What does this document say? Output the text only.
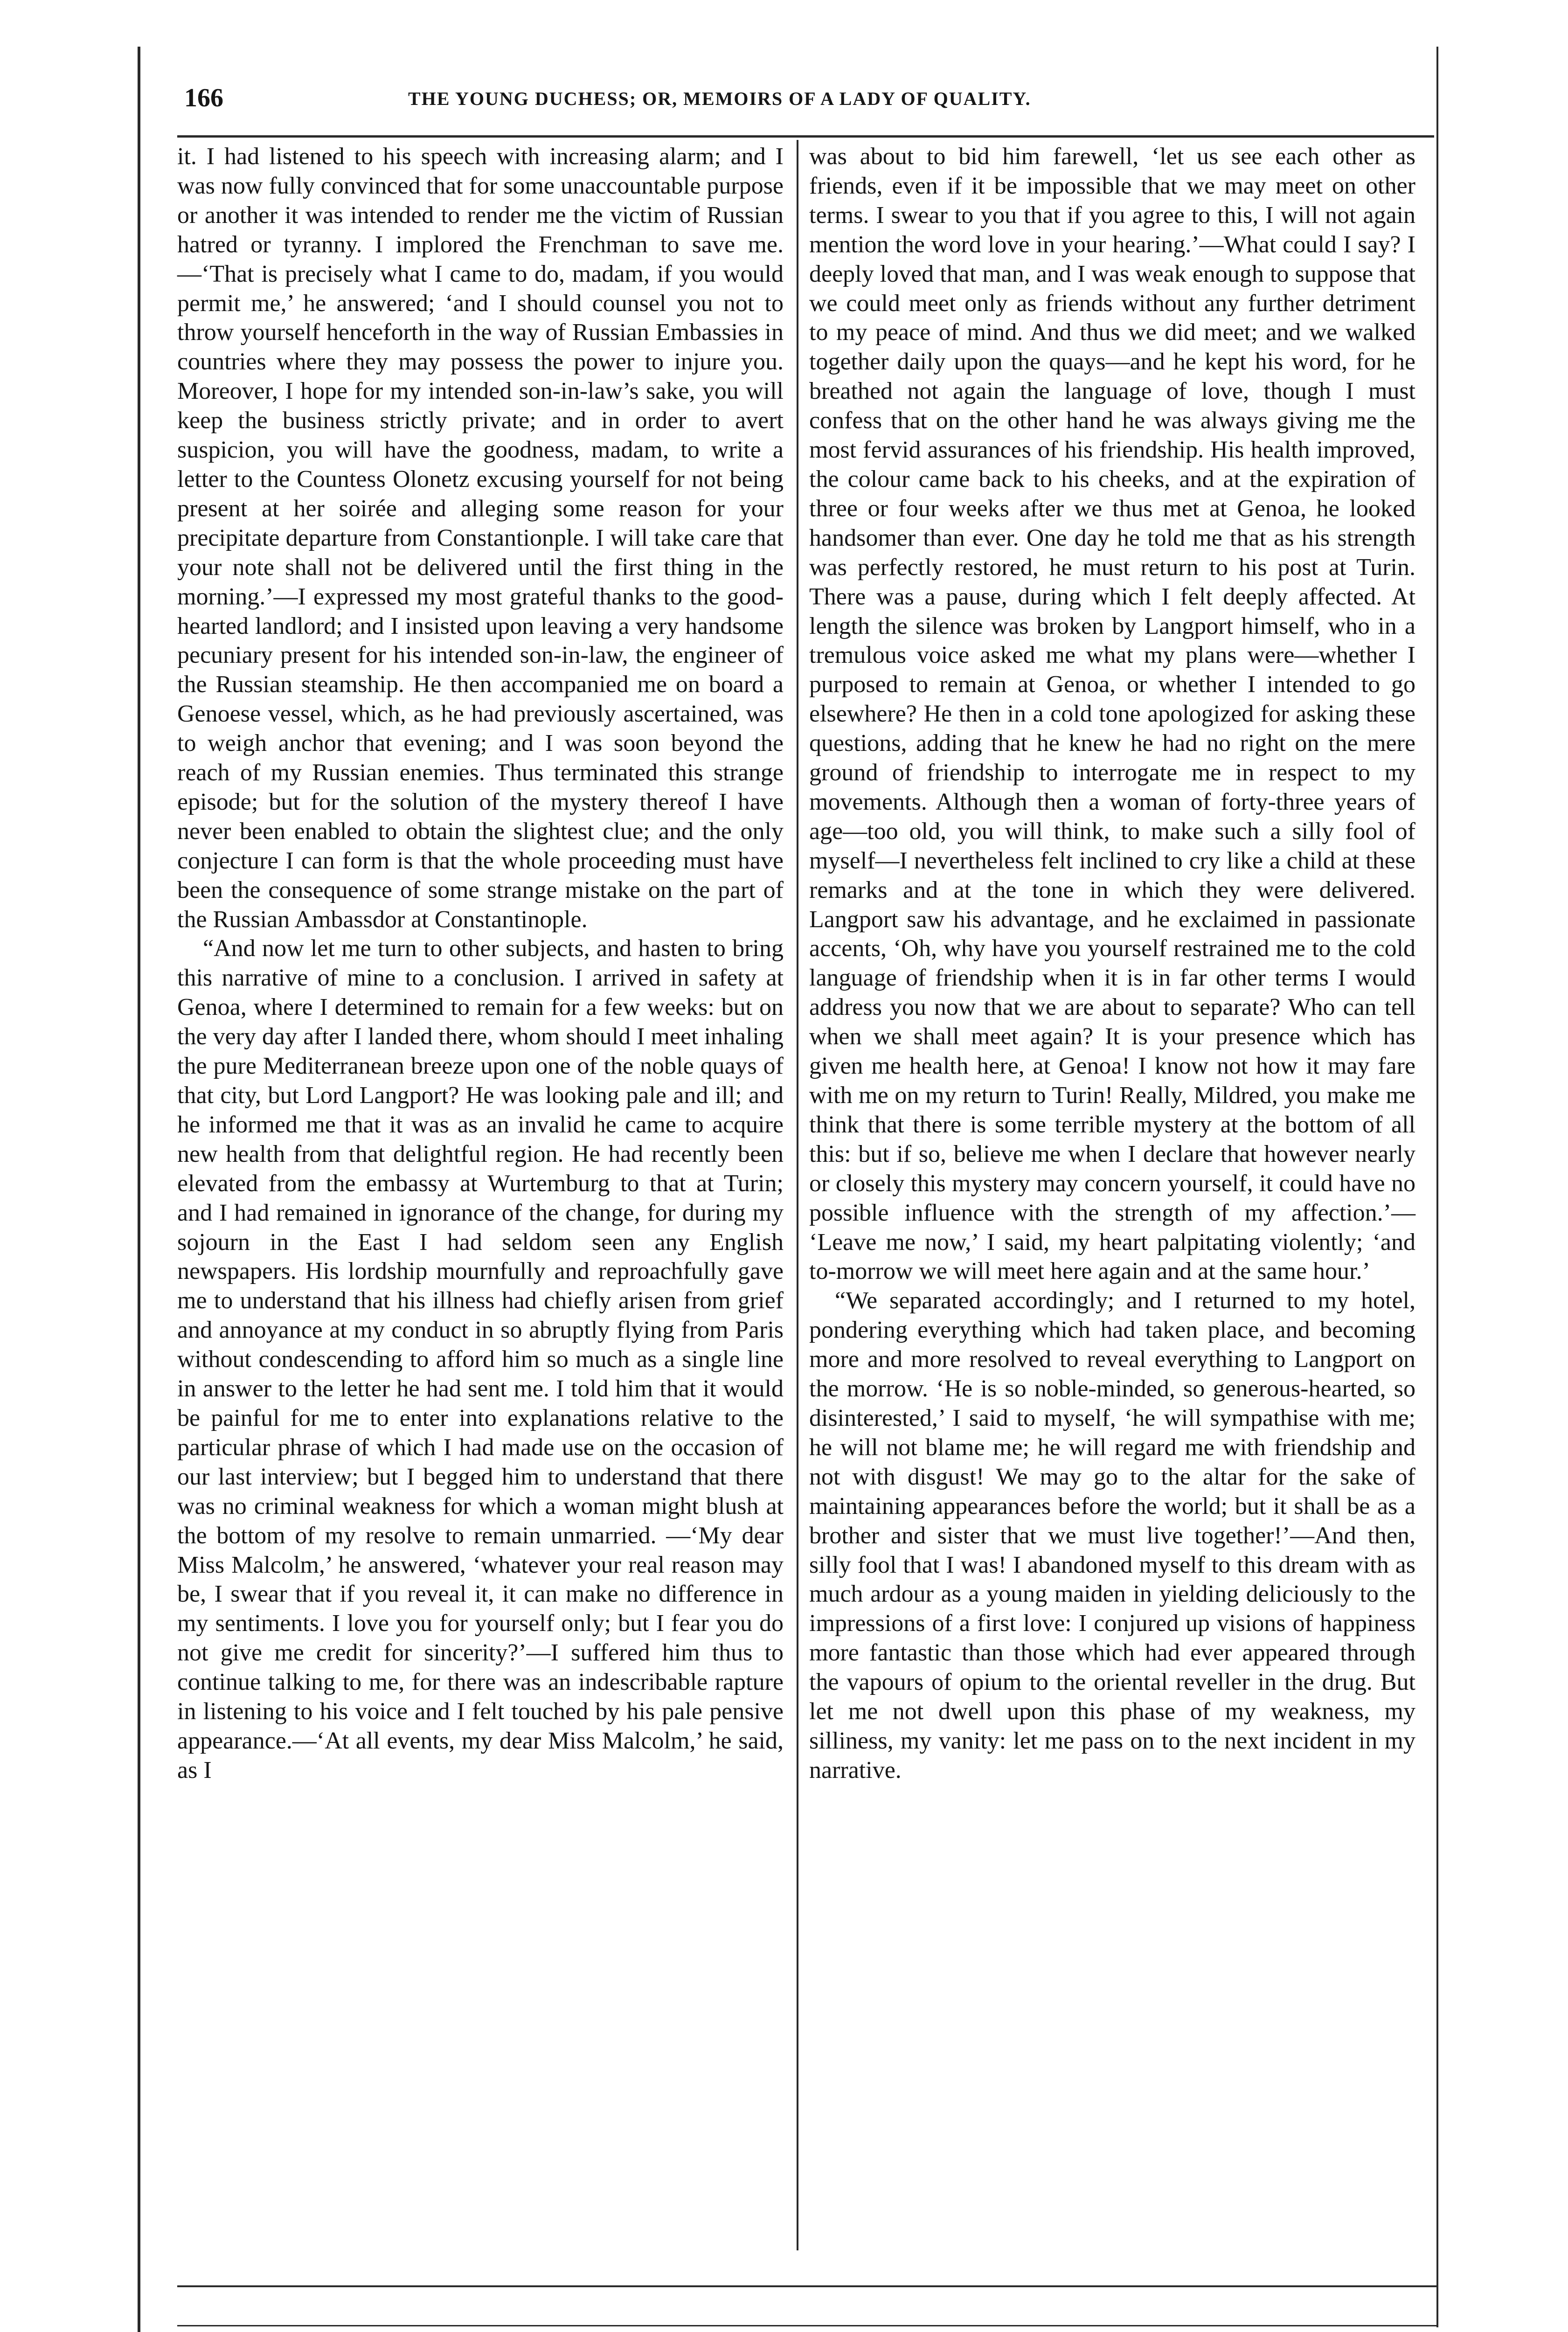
166	THE YOUNG DUCHESS; OR, MEMOIRS OF A LADY OF QUALITY.

it. I had listened to his speech with increasing alarm; and I was now fully convinced that for some unaccountable purpose or another it was intended to render me the victim of Russian hatred or tyranny. I implored the Frenchman to save me.—‘That is precisely what I came to do, madam, if you would permit me,’ he answered; ‘and I should counsel you not to throw yourself henceforth in the way of Russian Embassies in countries where they may possess the power to injure you. Moreover, I hope for my intended son-in-law’s sake, you will keep the business strictly private; and in order to avert suspicion, you will have the goodness, madam, to write a letter to the Countess Olonetz excusing yourself for not being present at her soirée and alleging some reason for your precipitate departure from Constantionple. I will take care that your note shall not be delivered until the first thing in the morning.’—I expressed my most grateful thanks to the good-hearted landlord; and I insisted upon leaving a very handsome pecuniary present for his intended son-in-law, the engineer of the Russian steamship. He then accompanied me on board a Genoese vessel, which, as he had previously ascertained, was to weigh anchor that evening; and I was soon beyond the reach of my Russian enemies. Thus terminated this strange episode; but for the solution of the mystery thereof I have never been enabled to obtain the slightest clue; and the only conjecture I can form is that the whole proceeding must have been the consequence of some strange mistake on the part of the Russian Ambassdor at Constantinople.

“And now let me turn to other subjects, and hasten to bring this narrative of mine to a conclusion. I arrived in safety at Genoa, where I determined to remain for a few weeks: but on the very day after I landed there, whom should I meet inhaling the pure Mediterranean breeze upon one of the noble quays of that city, but Lord Langport? He was looking pale and ill; and he informed me that it was as an invalid he came to acquire new health from that delightful region. He had recently been elevated from the embassy at Wurtemburg to that at Turin; and I had remained in ignorance of the change, for during my sojourn in the East I had seldom seen any English newspapers. His lordship mournfully and reproachfully gave me to understand that his illness had chiefly arisen from grief and annoyance at my conduct in so abruptly flying from Paris without condescending to afford him so much as a single line in answer to the letter he had sent me. I told him that it would be painful for me to enter into explanations relative to the particular phrase of which I had made use on the occasion of our last interview; but I begged him to understand that there was no criminal weakness for which a woman might blush at the bottom of my resolve to remain unmarried. —‘My dear Miss Malcolm,’ he answered, ‘whatever your real reason may be, I swear that if you reveal it, it can make no difference in my sentiments. I love you for yourself only; but I fear you do not give me credit for sincerity?’—I suffered him thus to continue talking to me, for there was an indescribable rapture in listening to his voice and I felt touched by his pale pensive appearance.—‘At all events, my dear Miss Malcolm,’ he said, as I

was about to bid him farewell, ‘let us see each other as friends, even if it be impossible that we may meet on other terms. I swear to you that if you agree to this, I will not again mention the word love in your hearing.’—What could I say? I deeply loved that man, and I was weak enough to suppose that we could meet only as friends without any further detriment to my peace of mind. And thus we did meet; and we walked together daily upon the quays—and he kept his word, for he breathed not again the language of love, though I must confess that on the other hand he was always giving me the most fervid assurances of his friendship. His health improved, the colour came back to his cheeks, and at the expiration of three or four weeks after we thus met at Genoa, he looked handsomer than ever. One day he told me that as his strength was perfectly restored, he must return to his post at Turin. There was a pause, during which I felt deeply affected. At length the silence was broken by Langport himself, who in a tremulous voice asked me what my plans were—whether I purposed to remain at Genoa, or whether I intended to go elsewhere? He then in a cold tone apologized for asking these questions, adding that he knew he had no right on the mere ground of friendship to interrogate me in respect to my movements. Although then a woman of forty-three years of age—too old, you will think, to make such a silly fool of myself—I nevertheless felt inclined to cry like a child at these remarks and at the tone in which they were delivered. Langport saw his advantage, and he exclaimed in passionate accents, ‘Oh, why have you yourself restrained me to the cold language of friendship when it is in far other terms I would address you now that we are about to separate? Who can tell when we shall meet again? It is your presence which has given me health here, at Genoa! I know not how it may fare with me on my return to Turin! Really, Mildred, you make me think that there is some terrible mystery at the bottom of all this: but if so, believe me when I declare that however nearly or closely this mystery may concern yourself, it could have no possible influence with the strength of my affection.’— ‘Leave me now,’ I said, my heart palpitating violently; ‘and to-morrow we will meet here again and at the same hour.’

“We separated accordingly; and I returned to my hotel, pondering everything which had taken place, and becoming more and more resolved to reveal everything to Langport on the morrow. ‘He is so noble-minded, so generous-hearted, so disinterested,’ I said to myself, ‘he will sympathise with me; he will not blame me; he will regard me with friendship and not with disgust! We may go to the altar for the sake of maintaining appearances before the world; but it shall be as a brother and sister that we must live together!’—And then, silly fool that I was! I abandoned myself to this dream with as much ardour as a young maiden in yielding deliciously to the impressions of a first love: I conjured up visions of happiness more fantastic than those which had ever appeared through the vapours of opium to the oriental reveller in the drug. But let me not dwell upon this phase of my weakness, my silliness, my vanity: let me pass on to the next incident in my narrative.
